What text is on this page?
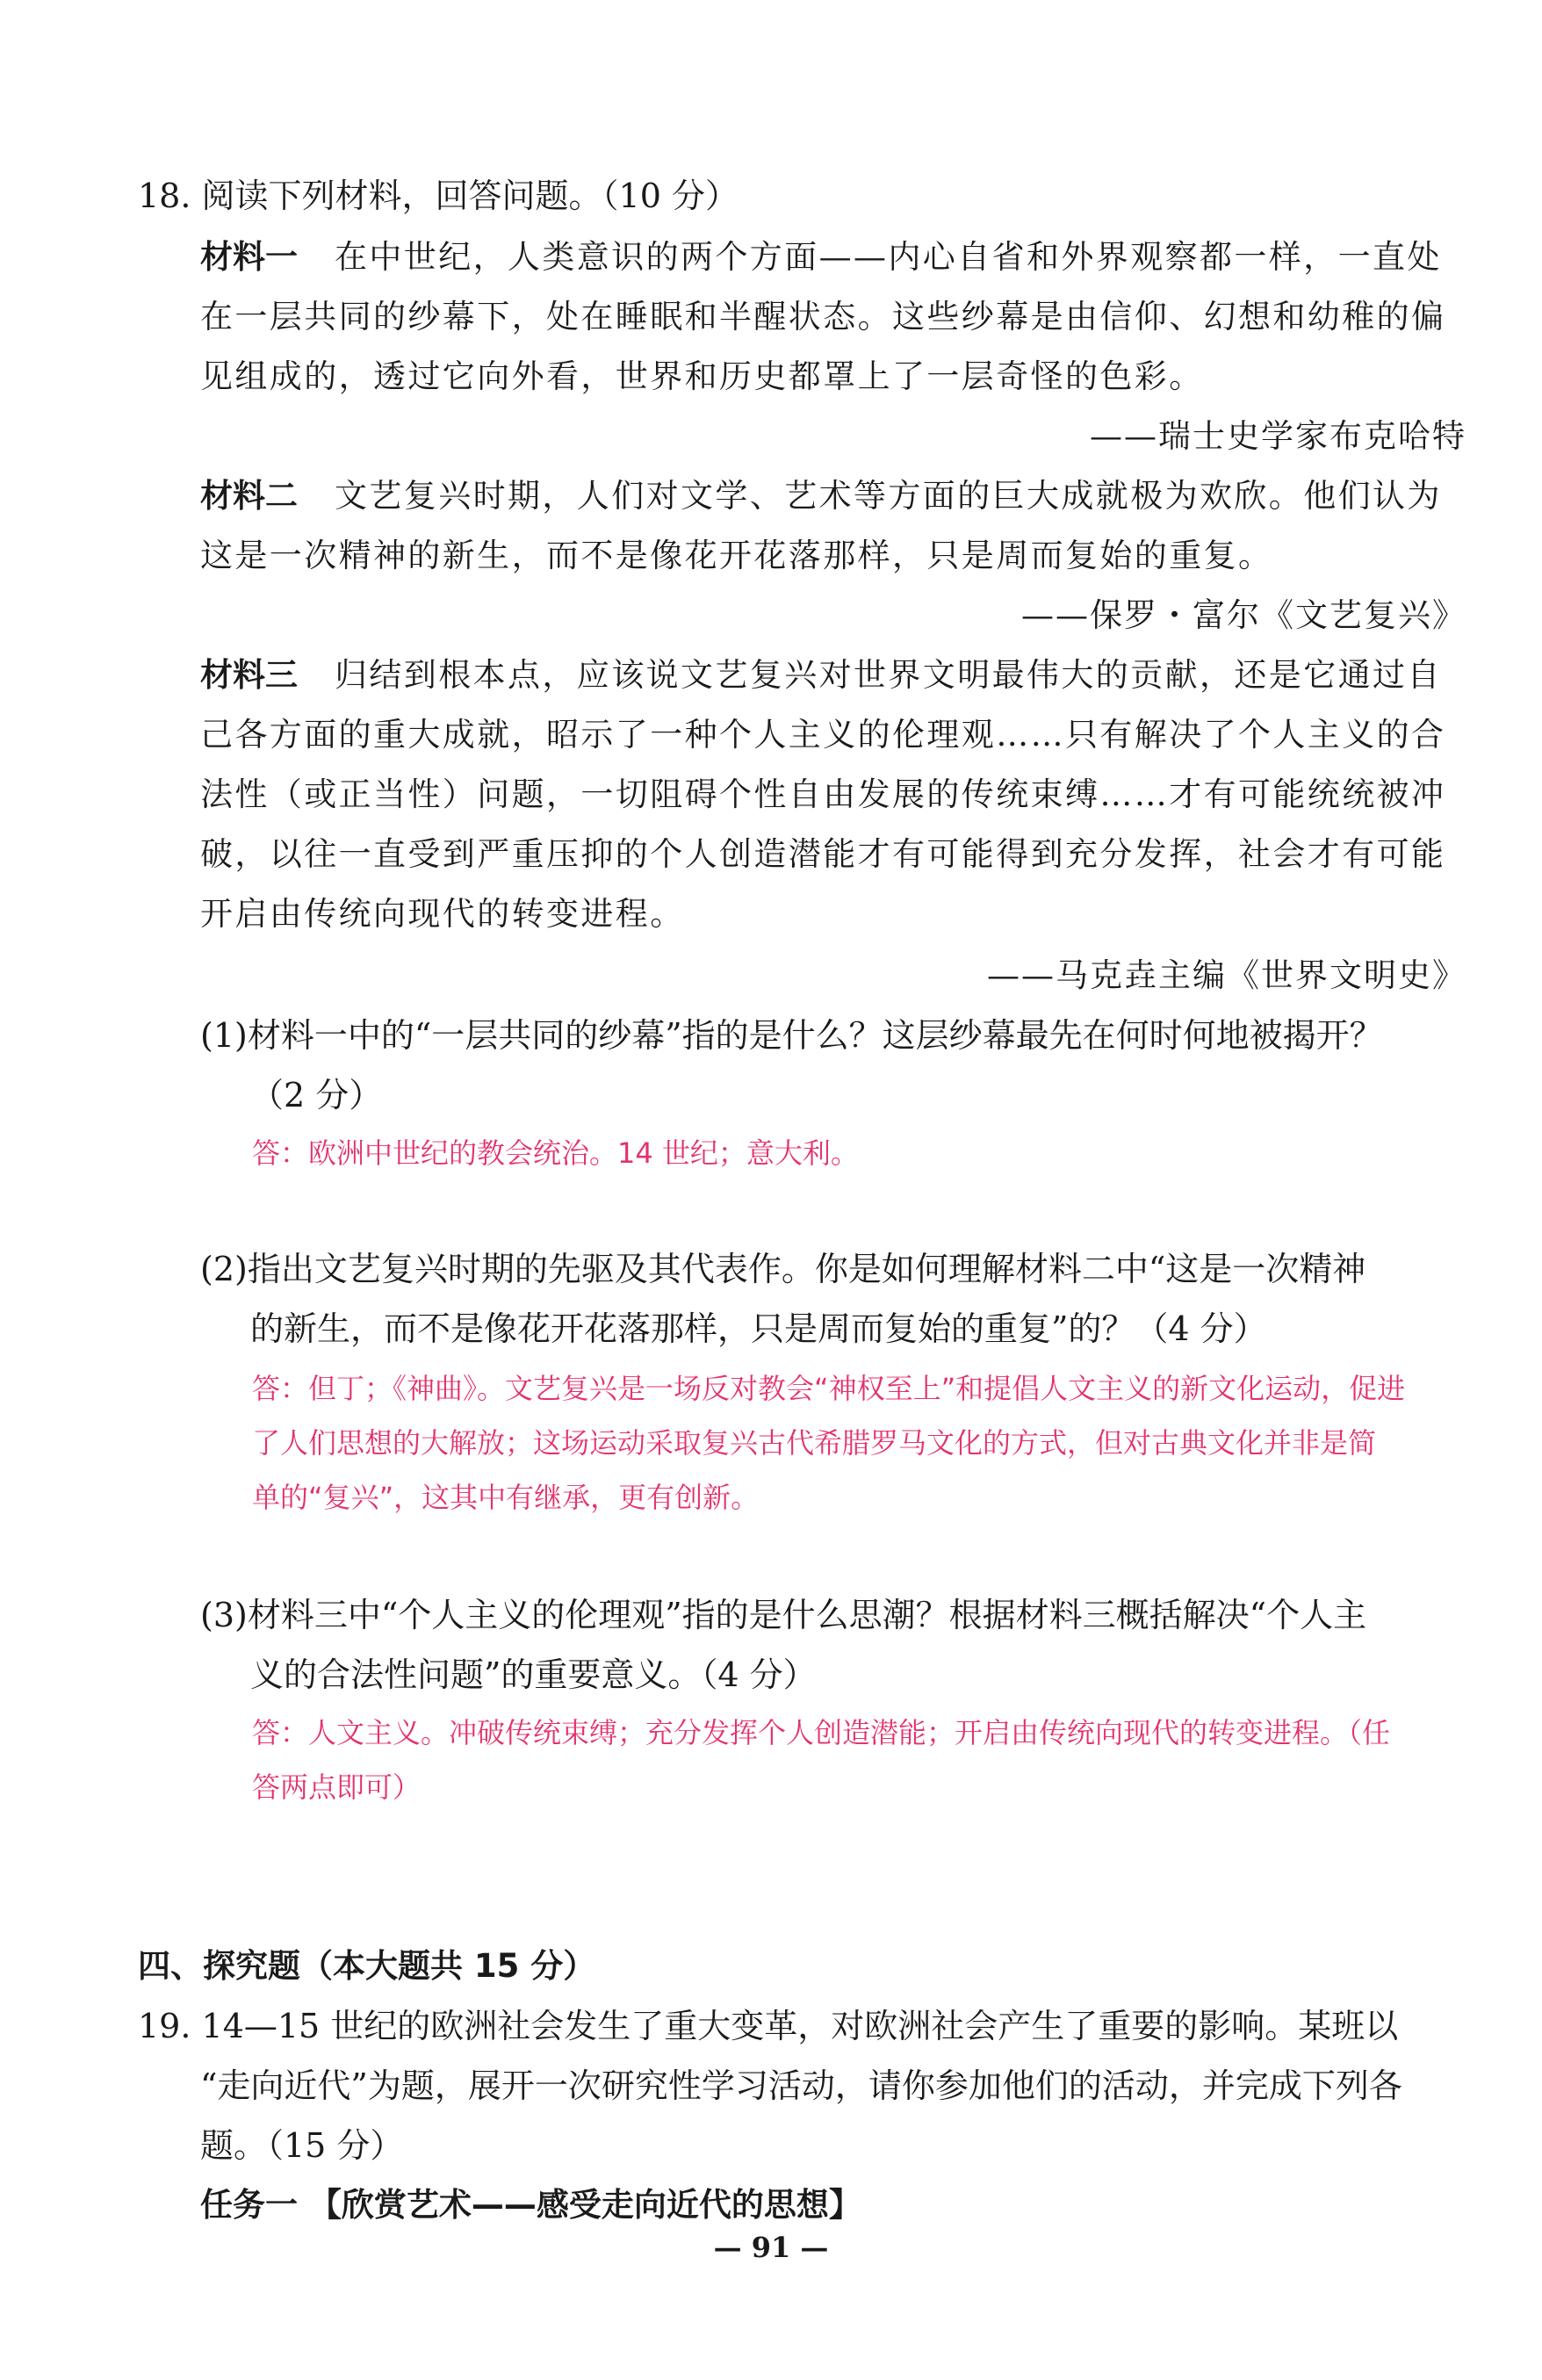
18. 阅读下列材料，回答问题。（10 分）
材料一 在中世纪，人类意识的两个方面——内心自省和外界观察都一样，一直处
在一层共同的纱幕下，处在睡眠和半醒状态。这些纱幕是由信仰、幻想和幼稚的偏
见组成的，透过它向外看，世界和历史都罩上了一层奇怪的色彩。
——瑞士史学家布克哈特
材料二 文艺复兴时期，人们对文学、艺术等方面的巨大成就极为欢欣。他们认为
这是一次精神的新生，而不是像花开花落那样，只是周而复始的重复。
——保罗・富尔《文艺复兴》
材料三 归结到根本点，应该说文艺复兴对世界文明最伟大的贡献，还是它通过自
己各方面的重大成就，昭示了一种个人主义的伦理观……只有解决了个人主义的合
法性（或正当性）问题，一切阻碍个性自由发展的传统束缚……才有可能统统被冲
破，以往一直受到严重压抑的个人创造潜能才有可能得到充分发挥，社会才有可能
开启由传统向现代的转变进程。
——马克垚主编《世界文明史》
(1)材料一中的“一层共同的纱幕”指的是什么？这层纱幕最先在何时何地被揭开？
（2 分）
答：欧洲中世纪的教会统治。14 世纪；意大利。
(2)指出文艺复兴时期的先驱及其代表作。你是如何理解材料二中“这是一次精神
的新生，而不是像花开花落那样，只是周而复始的重复”的？（4 分）
答：但丁；《神曲》。文艺复兴是一场反对教会“神权至上”和提倡人文主义的新文化运动，促进
了人们思想的大解放；这场运动采取复兴古代希腊罗马文化的方式，但对古典文化并非是简
单的“复兴”，这其中有继承，更有创新。
(3)材料三中“个人主义的伦理观”指的是什么思潮？根据材料三概括解决“个人主
义的合法性问题”的重要意义。（4 分）
答：人文主义。冲破传统束缚；充分发挥个人创造潜能；开启由传统向现代的转变进程。（任
答两点即可）
四、探究题（本大题共 15 分）
19. 14—15 世纪的欧洲社会发生了重大变革，对欧洲社会产生了重要的影响。某班以
“走向近代”为题，展开一次研究性学习活动，请你参加他们的活动，并完成下列各
题。（15 分）
任务一 【欣赏艺术——感受走向近代的思想】
— 91 —
